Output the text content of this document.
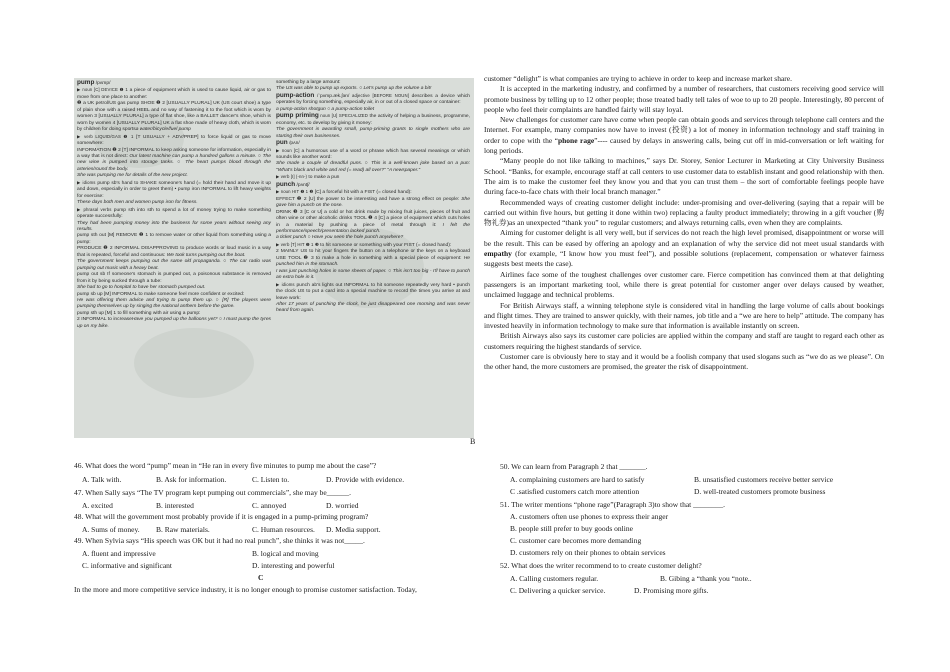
pump /pʌmp/

▶ noun [C] DEVICE ❶ 1 a piece of equipment which is used to cause liquid, air or gas to move from one place to another:

❷ a UK petrol/US gas pump SHOE ❷ 2 [USUALLY PLURAL] UK (US court shoe) a type of plain shoe with a raised HEEL and no way of fastening it to the foot which is worn by women 3 [USUALLY PLURAL] a type of flat shoe, like a BALLET dancer's shoe, which is worn by women 4 [USUALLY PLURAL] UK a flat shoe made of heavy cloth, which is worn by children for doing sportsa water/bicycle/fuel pump

▶ verb LIQUID/GAS ❷ 1 [T USUALLY + ADV/PREP] to force liquid or gas to move somewhere:

INFORMATION ❷ 2 [T] INFORMAL to keep asking someone for information, especially in a way that is not direct: Our latest machine can pump a hundred gallons a minute. ○ The new wine is pumped into storage tanks. ○ The heart pumps blood through the arteries/round the body.

She was pumping me for details of the new project.

▶ idioms pump sb's hand to SHAKE someone's hand (= hold their hand and move it up and down, especially in order to greet them) • pump iron INFORMAL to lift heavy weights for exercise:

These days both men and women pump iron for fitness.

▶ phrasal verbs pump sth into sth to spend a lot of money trying to make something operate successfully:

They had been pumping money into the business for some years without seeing any results.

pump sth out [M] REMOVE ❷ 1 to remove water or other liquid from something using a pump:

PRODUCE ❷ 2 INFORMAL DISAPPROVING to produce words or loud music in a way that is repeated, forceful and continuous: We took turns pumping out the boat.

The government keeps pumping out the same old propaganda. ○ The car radio was pumping out music with a heavy beat.

pump out sb If someone's stomach is pumped out, a poisonous substance is removed from it by being sucked through a tube:

She had to go to hospital to have her stomach pumped out.

pump sb up [M] INFORMAL to make someone feel more confident or excited:

He was offering them advice and trying to pump them up. ○ [R] The players were pumping themselves up by singing the national anthem before the game.

pump sth up [M] 1 to fill something with air using a pump:

2 INFORMAL to increaseHave you pumped up the balloons yet? ○ I must pump the tyres up on my bike.

something by a large amount:

The US was able to pump up exports. ○ Let's pump up the volume a bit!

pump-action /ˈpʌmp.æk.ʃən/ adjective [BEFORE NOUN] describes a device which operates by forcing something, especially air, in or out of a closed space or container:

a pump-action shotgun ○ a pump-action toilet

pump priming noun [U] SPECIALIZED the activity of helping a business, programme, economy, etc. to develop by giving it money:

The government is awarding small, pump-priming grants to single mothers who are starting their own businesses.

pun /pʌn/

▶ noun [C] a humorous use of a word or phrase which has several meanings or which sounds like another word:

She made a couple of dreadful puns. ○ This is a well-known joke based on a pun: "What's black and white and red (= read) all over?" "A newspaper."

▶ verb [I] (-nn-) to make a pun

punch /pʌntʃ/

▶ noun HIT ❷ 1 ❸ [C] a forceful hit with a FIST (= closed hand):

EFFECT ❷ 2 [U] the power to be interesting and have a strong effect on people: She gave him a punch on the nose.

DRINK ❸ 3 [C or U] a cold or hot drink made by mixing fruit juices, pieces of fruit and often wine or other alcoholic drinks TOOL ❷ 4 [C] a piece of equipment which cuts holes in a material by pushing a piece of metal through it: I felt the performance/speech/presentation lacked punch.

a ticket punch ○ Have you seen the hole punch anywhere?

▶ verb [T] HIT ❷ 1 ❸ to hit someone or something with your FIST (= closed hand):

2 MAINLY US to hit your fingers the button on a telephone or the keys on a keyboard USE TOOL ❷ 3 to make a hole in something with a special piece of equipment: He punched him in the stomach.

I was just punching holes in some sheets of paper. ○ This isn't too big - I'll have to punch an extra hole in it.

▶ idioms punch ab's lights out INFORMAL to hit someone repeatedly very hard • punch the clock US to put a card into a special machine to record the times you arrive at and leave work:

After 17 years of punching the clock, he just disappeared one morning and was never heard from again.

B
46. What does the word “pump” mean in “He ran in every five minutes to pump me about the case”?
A. Talk with.	B. Ask for information.	C. Listen to.	D. Provide with evidence.
47. When Sally says “The TV program kept pumping out commercials”, she may be______.
A. excited	B. interested	C. annoyed	D. worried
48. What will the government most probably provide if it is engaged in a pump-priming program?
A. Sums of money. B. Raw materials.	C. Human resources. D. Media support.
49. When Sylvia says “His speech was OK but it had no real punch”, she thinks it was not_____.
A. fluent and impressive	B. logical and moving
C. informative and significant	D. interesting and powerful
C
In the more and more competitive service industry, it is no longer enough to promise customer satisfaction. Today,

customer “delight” is what companies are trying to achieve in order to keep and increase market share.

It is accepted in the marketing industry, and confirmed by a number of researchers, that customers receiving good service will promote business by telling up to 12 other people; those treated badly tell tales of woe to up to 20 people. Interestingly, 80 percent of people who feel their complaints are handled fairly will stay loyal.

New challenges for customer care have come when people can obtain goods and services through telephone call centers and the Internet. For example, many companies now have to invest (投资) a lot of money in information technology and staff training in order to cope with the “phone rage”---- caused by delays in answering calls, being cut off in mid-conversation or left waiting for long periods.

“Many people do not like talking to machines,” says Dr. Storey, Senior Lecturer in Marketing at City University Business School. “Banks, for example, encourage staff at call centers to use customer data to establish instant and good relationship with then. The aim is to make the customer feel they know you and that you can trust them – the sort of comfortable feelings people have during face-to-face chats with their local branch manager.”

Recommended ways of creating customer delight include: under-promising and over-delivering (saying that a repair will be carried out within five hours, but getting it done within two) replacing a faulty product immediately; throwing in a gift voucher (购物礼券)as an unexpected “thank you” to regular customers; and always returning calls, even when they are complaints.

Aiming for customer delight is all very well, but if services do not reach the high level promised, disappointment or worse will be the result. This can be eased by offering an apology and an explanation of why the service did not meet usual standards with empathy (for example, “I know how you must feel”), and possible solutions (replacement, compensation or whatever fairness suggests best meets the case).

Airlines face some of the toughest challenges over customer care. Fierce competition has convinced them at that delighting passengers is an important marketing tool, while there is great potential for customer anger over delays caused by weather, unclaimed luggage and technical problems.

For British Airways staff, a winning telephone style is considered vital in handling the large volume of calls about bookings and flight times. They are trained to answer quickly, with their names, job title and a “we are here to help” attitude. The company has invested heavily in information technology to make sure that information is available instantly on screen.

British Airways also says its customer care policies are applied within the company and staff are taught to regard each other as customers requiring the highest standards of service.

Customer care is obviously here to stay and it would be a foolish company that used slogans such as “we do as we please”. On the other hand, the more customers are promised, the greater the risk of disappointment.

50. We can learn from Paragraph 2 that _______.
A. complaining customers are hard to satisfy	B. unsatisfied customers receive better service
C .satisfied customers catch more attention	D. well-treated customers promote business
51. The writer mentions “phone rage”(Paragraph 3)to show that ________.
A. customers often use phones to express their anger
B. people still prefer to buy goods online
C. customer care becomes more demanding
D. customers rely on their phones to obtain services
52. What does the writer recommend to to create customer delight?
A. Calling customers regular.	B. Gibing a “thank you “note..
C. Delivering a quicker service.	D. Promising more gifts.
